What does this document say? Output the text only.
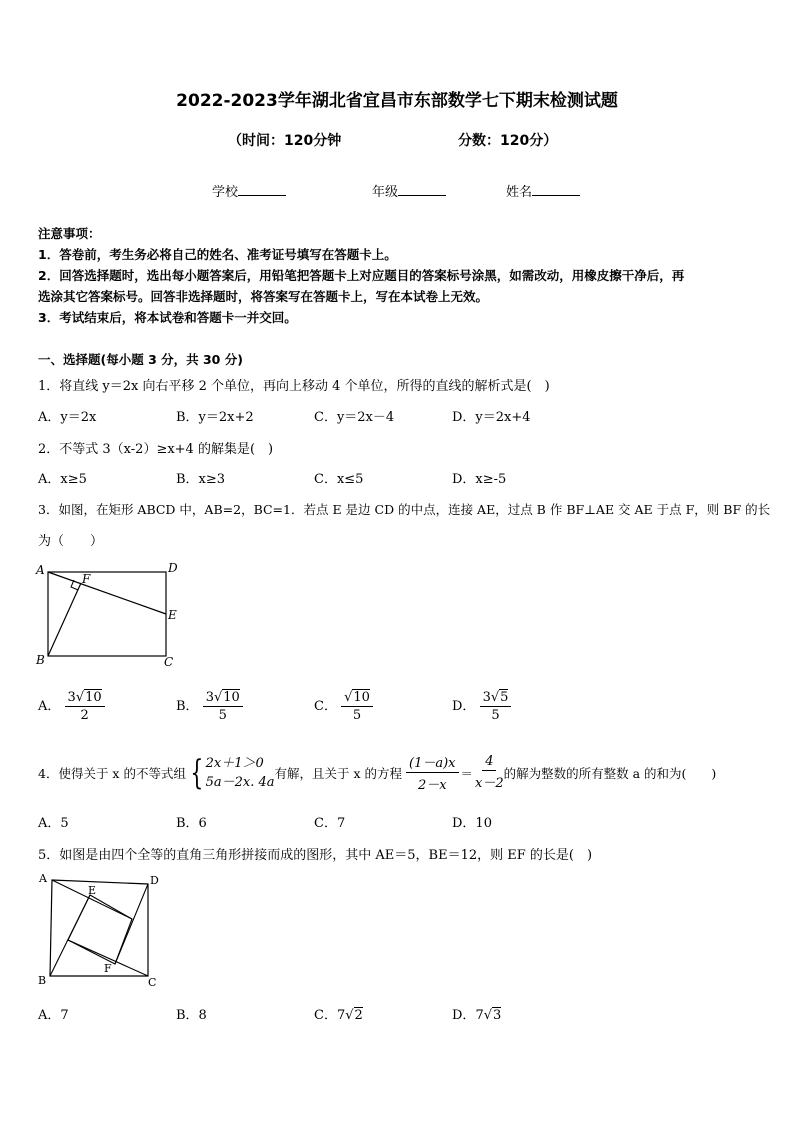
2022-2023学年湖北省宜昌市东部数学七下期末检测试题
（时间：120分钟	分数：120分）
学校	年级	姓名
注意事项：
1．答卷前，考生务必将自己的姓名、准考证号填写在答题卡上。
2．回答选择题时，选出每小题答案后，用铅笔把答题卡上对应题目的答案标号涂黑，如需改动，用橡皮擦干净后，再
选涂其它答案标号。回答非选择题时，将答案写在答题卡上，写在本试卷上无效。
3．考试结束后，将本试卷和答题卡一并交回。
一、选择题(每小题 3 分，共 30 分)
1．将直线 y＝2x 向右平移 2 个单位，再向上移动 4 个单位，所得的直线的解析式是(　)
A．y＝2x	B．y＝2x+2	C．y＝2x－4	D．y＝2x+4
2．不等式 3（x-2）≥x+4 的解集是(　)
A．x≥5	B．x≥3	C．x≤5	D．x≥-5
3．如图，在矩形 ABCD 中，AB=2，BC=1．若点 E 是边 CD 的中点，连接 AE，过点 B 作 BF⊥AE 交 AE 于点 F，则 BF 的长
为（　　）
A	D
E
F
B	C
A． $\frac{3√10}{2}$	B． $\frac{3√10}{5}$	C． $\frac{√10}{5}$	D． $\frac{3√5}{5}$
4．使得关于 x 的不等式组 { 2x＋1＞0
5a－2x. 4a
有解，且关于 x 的方程 $\frac{(1-a)x}{2-x} = \frac{4}{x-2}$ 的解为整数的所有整数 a 的和为(　　)
A．5	B．6	C．7	D．10
5．如图是由四个全等的直角三角形拼接而成的图形，其中 AE＝5，BE＝12，则 EF 的长是(　)
A	D
E
F
B	C
A．7	B．8	C．7√2	D．7√3
